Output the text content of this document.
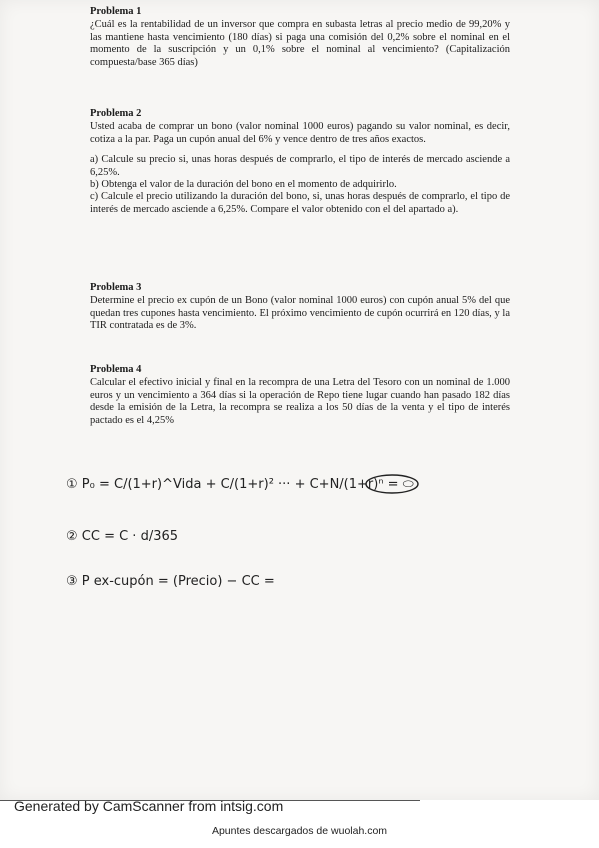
Problema 1

¿Cuál es la rentabilidad de un inversor que compra en subasta letras al precio medio de 99,20% y las mantiene hasta vencimiento (180 días) si paga una comisión del 0,2% sobre el nominal en el momento de la suscripción y un 0,1% sobre el nominal al vencimiento? (Capitalización compuesta/base 365 días)

Problema 2

Usted acaba de comprar un bono (valor nominal 1000 euros) pagando su valor nominal, es decir, cotiza a la par. Paga un cupón anual del 6% y vence dentro de tres años exactos.

a) Calcule su precio si, unas horas después de comprarlo, el tipo de interés de mercado asciende a 6,25%.

b) Obtenga el valor de la duración del bono en el momento de adquirirlo.

c) Calcule el precio utilizando la duración del bono, si, unas horas después de comprarlo, el tipo de interés de mercado asciende a 6,25%. Compare el valor obtenido con el del apartado a).

Problema 3

Determine el precio ex cupón de un Bono (valor nominal 1000 euros) con cupón anual 5% del que quedan tres cupones hasta vencimiento. El próximo vencimiento de cupón ocurrirá en 120 días, y la TIR contratada es de 3%.

Problema 4

Calcular el efectivo inicial y final en la recompra de una Letra del Tesoro con un nominal de 1.000 euros y un vencimiento a 364 días si la operación de Repo tiene lugar cuando han pasado 182 días desde la emisión de la Letra, la recompra se realiza a los 50 días de la venta y el tipo de interés pactado es el 4,25%

① P₀ = C/(1+r)^Vida + C/(1+r)² ··· + C+N/(1+r)ⁿ = ⬭
② CC = C · d/365
③ P ex-cupón = (Precio) − CC =
Generated by CamScanner from intsig.com
Apuntes descargados de wuolah.com
